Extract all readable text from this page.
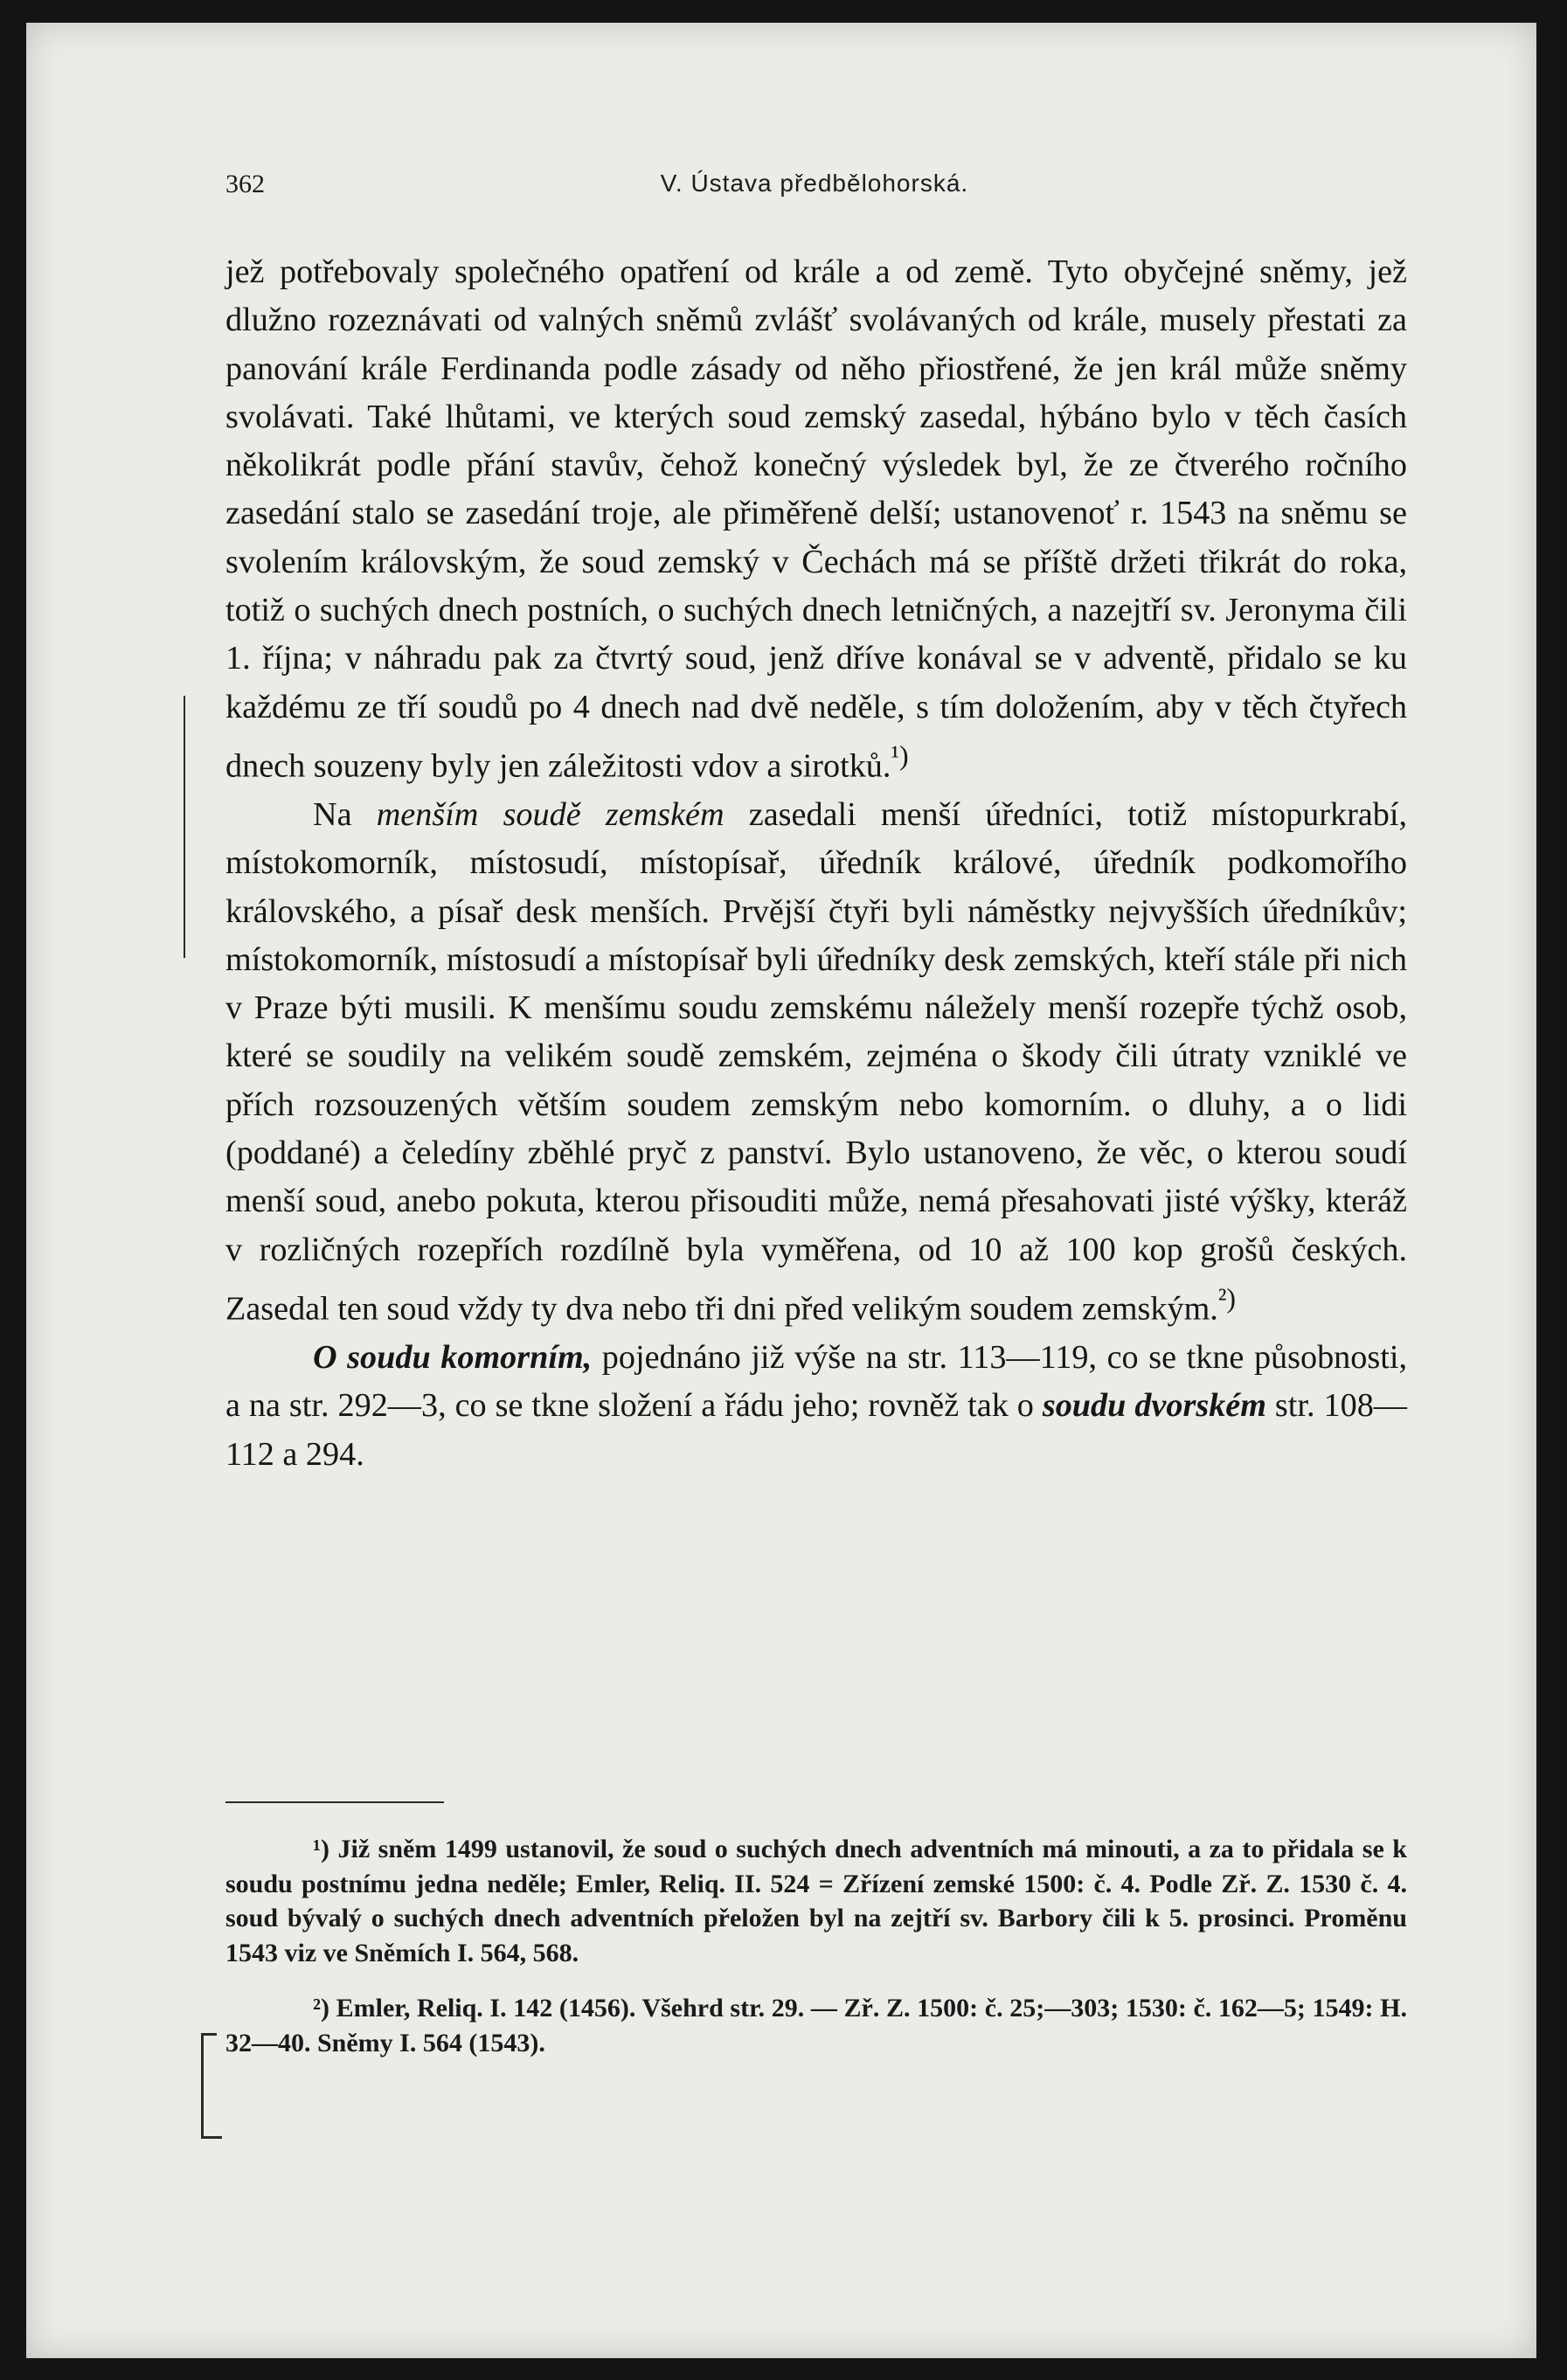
362	V. Ústava předbělohorská.

jež potřebovaly společného opatření od krále a od země. Tyto obyčejné sněmy, jež dlužno rozeznávati od valných sněmů zvlášť svolávaných od krále, musely přestati za panování krále Ferdinanda podle zásady od něho přiostřené, že jen král může sněmy svolávati. Také lhůtami, ve kterých soud zemský zasedal, hýbáno bylo v těch časích několikrát podle přání stavův, čehož konečný výsledek byl, že ze čtverého ročního zasedání stalo se zasedání troje, ale přiměřeně delší; ustanovenoť r. 1543 na sněmu se svolením královským, že soud zemský v Čechách má se příště držeti třikrát do roka, totiž o suchých dnech postních, o suchých dnech letničných, a nazejtří sv. Jeronyma čili 1. října; v náhradu pak za čtvrtý soud, jenž dříve konával se v adventě, přidalo se ku každému ze tří soudů po 4 dnech nad dvě neděle, s tím doložením, aby v těch čtyřech dnech souzeny byly jen záležitosti vdov a sirotků.$^{^1)}$

Na menším soudě zemském zasedali menší úředníci, totiž místopurkrabí, místokomorník, místosudí, místopísař, úředník králové, úředník podkomořího královského, a písař desk menších. Prvější čtyři byli náměstky nejvyšších úředníkův; místokomorník, místosudí a místopísař byli úředníky desk zemských, kteří stále při nich v Praze býti musili. K menšímu soudu zemskému náležely menší rozepře týchž osob, které se soudily na velikém soudě zemském, zejména o škody čili útraty vzniklé ve přích rozsouzených větším soudem zemským nebo komorním. o dluhy, a o lidi (poddané) a čeledíny zběhlé pryč z panství. Bylo ustanoveno, že věc, o kterou soudí menší soud, anebo pokuta, kterou přisouditi může, nemá přesahovati jisté výšky, kteráž v rozličných rozepřích rozdílně byla vyměřena, od 10 až 100 kop grošů českých. Zasedal ten soud vždy ty dva nebo tři dni před velikým soudem zemským.$^{^2)}$

O soudu komorním, pojednáno již výše na str. 113—119, co se tkne působnosti, a na str. 292—3, co se tkne složení a řádu jeho; rovněž tak o soudu dvorském str. 108—112 a 294.

¹) Již sněm 1499 ustanovil, že soud o suchých dnech adventních má minouti, a za to přidala se k soudu postnímu jedna neděle; Emler, Reliq. II. 524 = Zřízení zemské 1500: č. 4. Podle Zř. Z. 1530 č. 4. soud bývalý o suchých dnech adventních přeložen byl na zejtří sv. Barbory čili k 5. prosinci. Proměnu 1543 viz ve Sněmích I. 564, 568.

²) Emler, Reliq. I. 142 (1456). Všehrd str. 29. — Zř. Z. 1500: č. 25;—303; 1530: č. 162—5; 1549: H. 32—40. Sněmy I. 564 (1543).
